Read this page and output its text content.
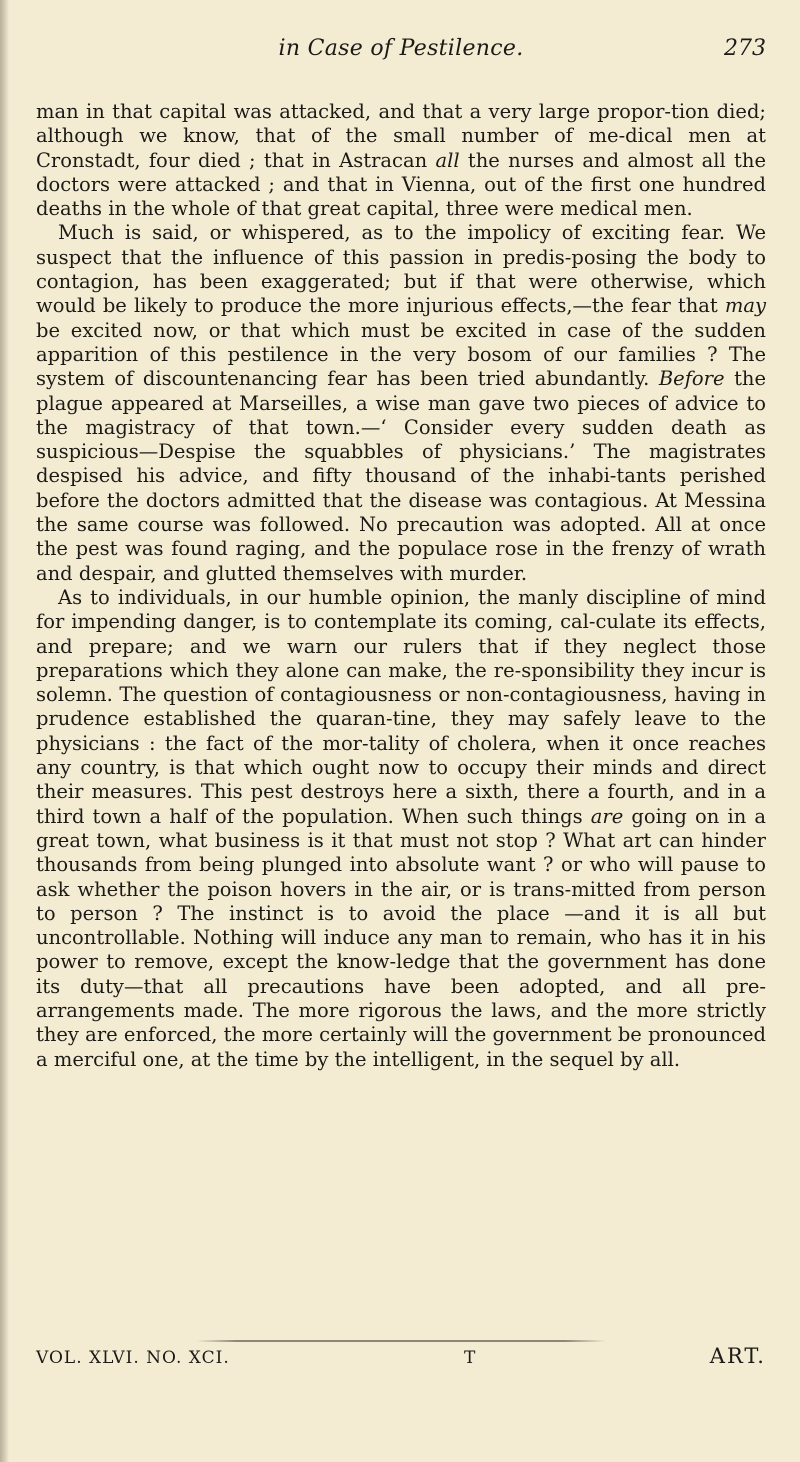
in Case of Pestilence.	273

man in that capital was attacked, and that a very large propor-tion died; although we know, that of the small number of me-dical men at Cronstadt, four died ; that in Astracan all the nurses and almost all the doctors were attacked ; and that in Vienna, out of the first one hundred deaths in the whole of that great capital, three were medical men.

Much is said, or whispered, as to the impolicy of exciting fear. We suspect that the influence of this passion in predis-posing the body to contagion, has been exaggerated; but if that were otherwise, which would be likely to produce the more injurious effects,—the fear that may be excited now, or that which must be excited in case of the sudden apparition of this pestilence in the very bosom of our families ? The system of discountenancing fear has been tried abundantly. Before the plague appeared at Marseilles, a wise man gave two pieces of advice to the magistracy of that town.—‘ Consider every sudden death as suspicious—Despise the squabbles of physicians.’ The magistrates despised his advice, and fifty thousand of the inhabi-tants perished before the doctors admitted that the disease was contagious. At Messina the same course was followed. No precaution was adopted. All at once the pest was found raging, and the populace rose in the frenzy of wrath and despair, and glutted themselves with murder.

As to individuals, in our humble opinion, the manly discipline of mind for impending danger, is to contemplate its coming, cal-culate its effects, and prepare; and we warn our rulers that if they neglect those preparations which they alone can make, the re-sponsibility they incur is solemn. The question of contagiousness or non-contagiousness, having in prudence established the quaran-tine, they may safely leave to the physicians : the fact of the mor-tality of cholera, when it once reaches any country, is that which ought now to occupy their minds and direct their measures. This pest destroys here a sixth, there a fourth, and in a third town a half of the population. When such things are going on in a great town, what business is it that must not stop ? What art can hinder thousands from being plunged into absolute want ? or who will pause to ask whether the poison hovers in the air, or is trans-mitted from person to person ? The instinct is to avoid the place —and it is all but uncontrollable. Nothing will induce any man to remain, who has it in his power to remove, except the know-ledge that the government has done its duty—that all precautions have been adopted, and all pre-arrangements made. The more rigorous the laws, and the more strictly they are enforced, the more certainly will the government be pronounced a merciful one, at the time by the intelligent, in the sequel by all.

VOL. XLVI. NO. XCI.	T	ART.
